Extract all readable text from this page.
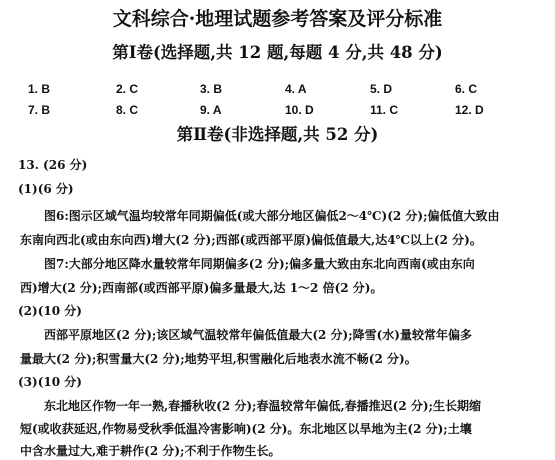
文科综合·地理试题参考答案及评分标准
第Ⅰ卷(选择题,共 12 题,每题 4 分,共 48 分)
1. B	2. C	3. B	4. A	5. D	6. C
7. B	8. C	9. A	10. D	11. C	12. D
第Ⅱ卷(非选择题,共 52 分)
13. (26 分)
(1)(6 分)
图6:图示区域气温均较常年同期偏低(或大部分地区偏低2～4℃)(2 分);偏低值大致由
东南向西北(或由东向西)增大(2 分);西部(或西部平原)偏低值最大,达4℃以上(2 分)。
图7:大部分地区降水量较常年同期偏多(2 分);偏多量大致由东北向西南(或由东向
西)增大(2 分);西南部(或西部平原)偏多量最大,达 1～2 倍(2 分)。
(2)(10 分)
西部平原地区(2 分);该区域气温较常年偏低值最大(2 分);降雪(水)量较常年偏多
量最大(2 分);积雪量大(2 分);地势平坦,积雪融化后地表水流不畅(2 分)。
(3)(10 分)
东北地区作物一年一熟,春播秋收(2 分);春温较常年偏低,春播推迟(2 分);生长期缩
短(或收获延迟,作物易受秋季低温冷害影响)(2 分)。东北地区以旱地为主(2 分);土壤
中含水量过大,难于耕作(2 分);不利于作物生长。
